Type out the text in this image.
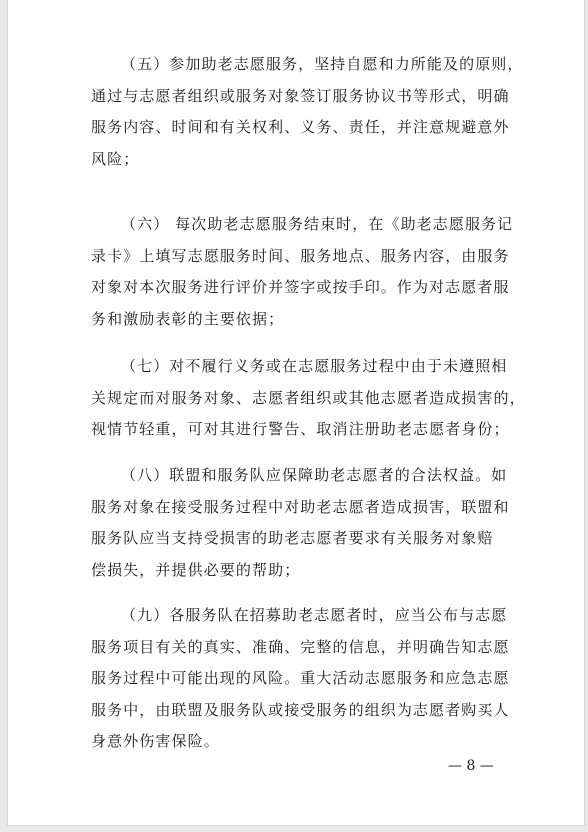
（五）参加助老志愿服务，坚持自愿和力所能及的原则，
通过与志愿者组织或服务对象签订服务协议书等形式，明确
服务内容、时间和有关权利、义务、责任，并注意规避意外
风险；
（六） 每次助老志愿服务结束时，在《助老志愿服务记
录卡》上填写志愿服务时间、服务地点、服务内容，由服务
对象对本次服务进行评价并签字或按手印。作为对志愿者服
务和激励表彰的主要依据；
（七）对不履行义务或在志愿服务过程中由于未遵照相
关规定而对服务对象、志愿者组织或其他志愿者造成损害的，
视情节轻重，可对其进行警告、取消注册助老志愿者身份；
（八）联盟和服务队应保障助老志愿者的合法权益。如
服务对象在接受服务过程中对助老志愿者造成损害，联盟和
服务队应当支持受损害的助老志愿者要求有关服务对象赔
偿损失，并提供必要的帮助；
（九）各服务队在招募助老志愿者时，应当公布与志愿
服务项目有关的真实、准确、完整的信息，并明确告知志愿
服务过程中可能出现的风险。重大活动志愿服务和应急志愿
服务中，由联盟及服务队或接受服务的组织为志愿者购买人
身意外伤害保险。
— 8 —
